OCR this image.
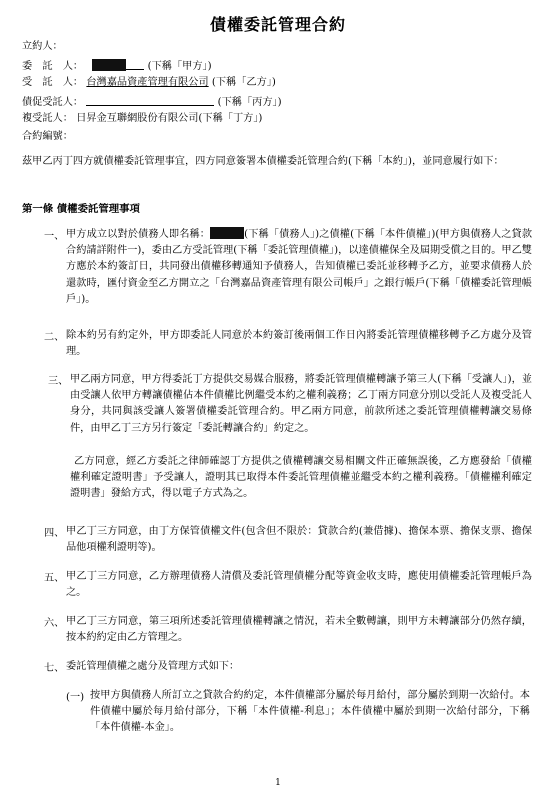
債權委託管理合約
立約人：
委　託　人：	(下稱「甲方」)
受　託　人： 台灣嘉品資產管理有限公司 (下稱「乙方」)
債促受託人：	(下稱「丙方」)
複受託人： 日昇金互聯網股份有限公司(下稱「丁方」)
合約編號：
茲甲乙丙丁四方就債權委託管理事宜，四方同意簽署本債權委託管理合約(下稱「本約」)，並同意履行如下：
第一條 債權委託管理事項
一、 甲方成立以對於債務人即名稱：	(下稱「債務人」)之債權(下稱「本件債權」)(甲方與債務人之貸款合約請詳附件一)，委由乙方受託管理(下稱「委託管理債權」)，以達債權保全及屆期受償之目的。甲乙雙方應於本約簽訂日，共同發出債權移轉通知予債務人，告知債權已委託並移轉予乙方，並要求債務人於還款時，匯付資金至乙方開立之「台灣嘉品資產管理有限公司帳戶」之銀行帳戶(下稱「債權委託管理帳戶」)。
二、 除本約另有約定外，甲方即委託人同意於本約簽訂後兩個工作日內將委託管理債權移轉予乙方處分及管理。
三、 甲乙兩方同意，甲方得委託丁方提供交易媒合服務，將委託管理債權轉讓予第三人(下稱「受讓人」)，並由受讓人依甲方轉讓債權佔本件債權比例繼受本約之權利義務；乙丁兩方同意分別以受託人及複受託人身分，共同與該受讓人簽署債權委託管理合約。甲乙兩方同意，前款所述之委託管理債權轉讓交易條件，由甲乙丁三方另行簽定「委託轉讓合約」約定之。
乙方同意，經乙方委託之律師確認丁方提供之債權轉讓交易相關文件正確無誤後，乙方應發給「債權權利確定證明書」予受讓人，證明其已取得本件委託管理債權並繼受本約之權利義務。「債權權利確定證明書」發給方式，得以電子方式為之。
四、 甲乙丁三方同意，由丁方保管債權文件(包含但不限於：貸款合約(兼借據)、擔保本票、擔保支票、擔保品他項權利證明等)。
五、 甲乙丁三方同意，乙方辦理債務人清償及委託管理債權分配等資金收支時，應使用債權委託管理帳戶為之。
六、 甲乙丁三方同意，第三項所述委託管理債權轉讓之情況，若未全數轉讓，則甲方未轉讓部分仍然存續，按本約約定由乙方管理之。
七、 委託管理債權之處分及管理方式如下：
(一) 按甲方與債務人所訂立之貸款合約約定，本件債權部分屬於每月給付，部分屬於到期一次給付。本件債權中屬於每月給付部分，下稱「本件債權-利息」；本件債權中屬於到期一次給付部分，下稱「本件債權-本金」。
1
